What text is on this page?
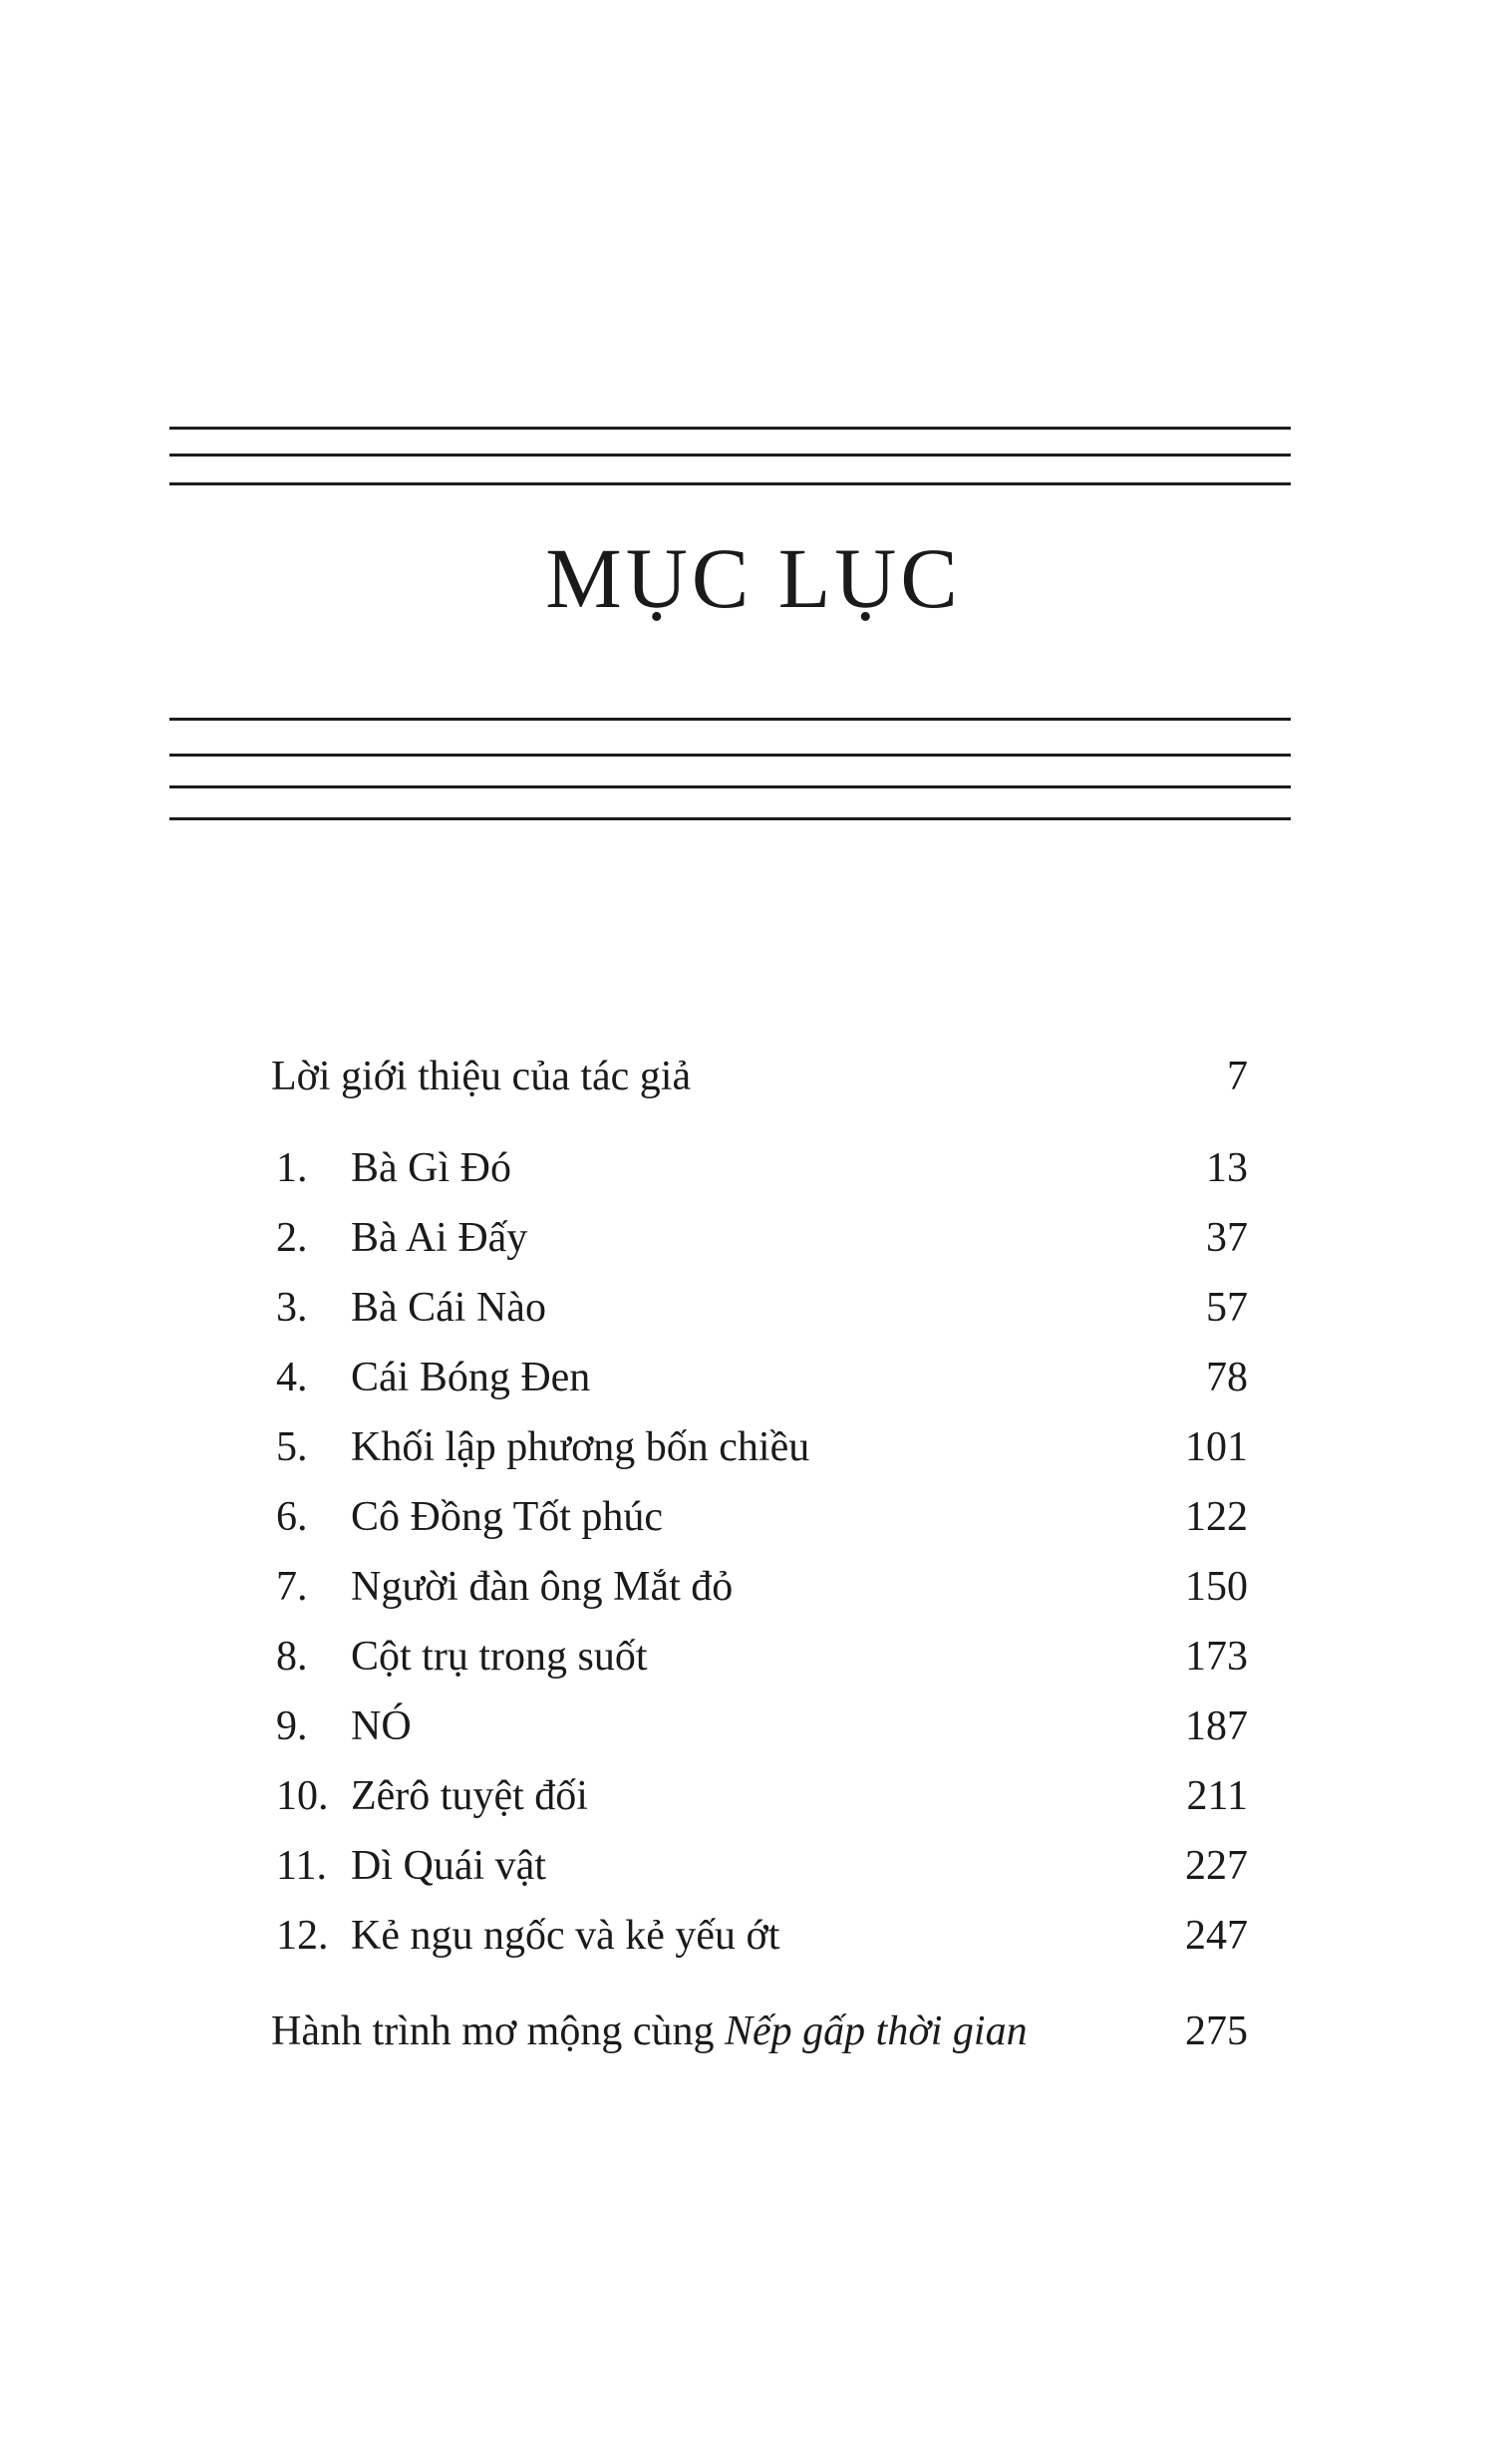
MỤC LỤC
Lời giới thiệu của tác giả	7
1. Bà Gì Đó	13
2. Bà Ai Đấy	37
3. Bà Cái Nào	57
4. Cái Bóng Đen	78
5. Khối lập phương bốn chiều	101
6. Cô Đồng Tốt phúc	122
7. Người đàn ông Mắt đỏ	150
8. Cột trụ trong suốt	173
9. NÓ	187
10. Zêrô tuyệt đối	211
11. Dì Quái vật	227
12. Kẻ ngu ngốc và kẻ yếu ớt	247
Hành trình mơ mộng cùng Nếp gấp thời gian	275
